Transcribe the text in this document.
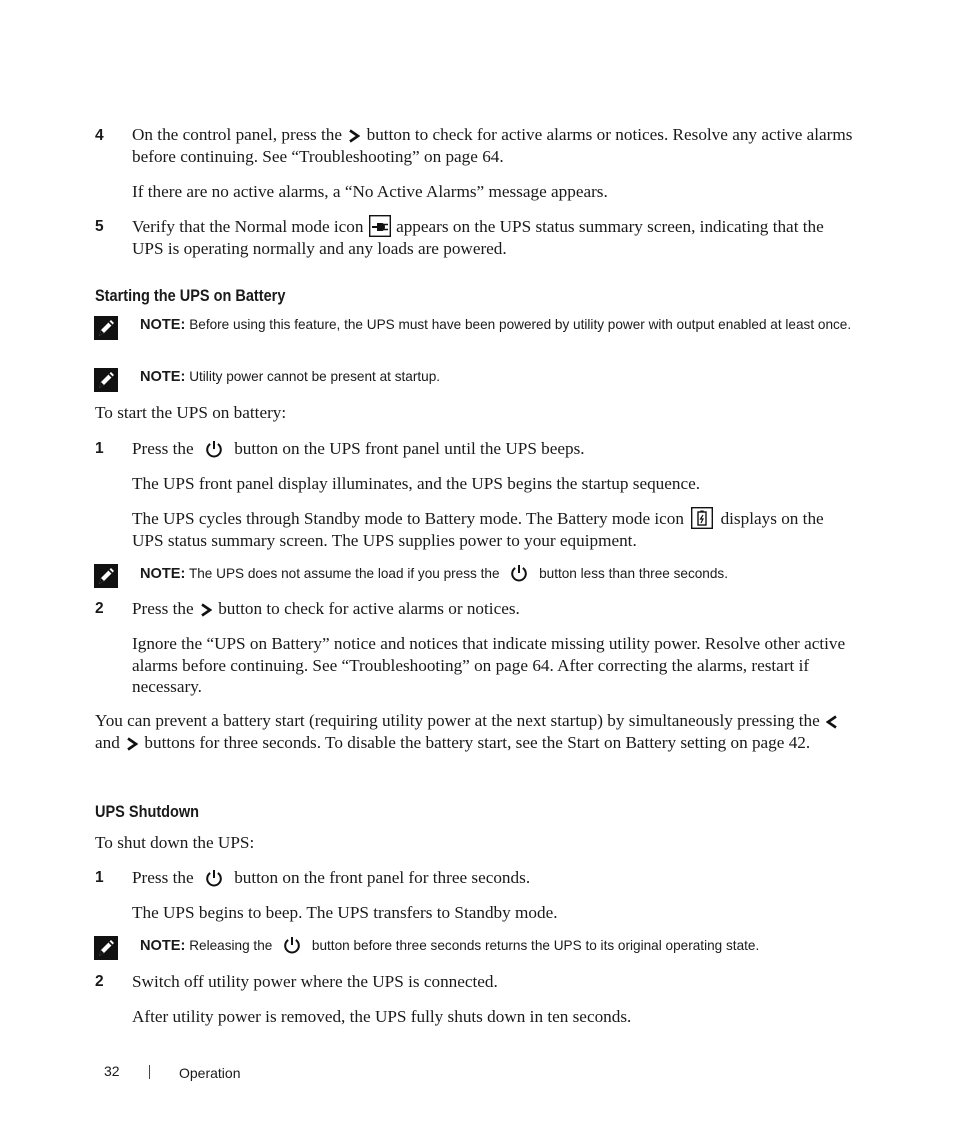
4 On the control panel, press the button to check for active alarms or notices. Resolve any active alarms before continuing. See “Troubleshooting” on page 64.
If there are no active alarms, a “No Active Alarms” message appears.
5 Verify that the Normal mode icon appears on the UPS status summary screen, indicating that the UPS is operating normally and any loads are powered.
Starting the UPS on Battery
NOTE: Before using this feature, the UPS must have been powered by utility power with output enabled at least once.
NOTE: Utility power cannot be present at startup.
To start the UPS on battery:
1 Press the button on the UPS front panel until the UPS beeps.
The UPS front panel display illuminates, and the UPS begins the startup sequence.
The UPS cycles through Standby mode to Battery mode. The Battery mode icon displays on the UPS status summary screen. The UPS supplies power to your equipment.
NOTE: The UPS does not assume the load if you press the	button less than three seconds.
2 Press the button to check for active alarms or notices.
Ignore the “UPS on Battery” notice and notices that indicate missing utility power. Resolve other active alarms before continuing. See “Troubleshooting” on page 64. After correcting the alarms, restart if necessary.
You can prevent a battery start (requiring utility power at the next startup) by simultaneously pressing the  and buttons for three seconds. To disable the battery start, see the Start on Battery setting on page 42.
UPS Shutdown
To shut down the UPS:
1 Press the button on the front panel for three seconds.
The UPS begins to beep. The UPS transfers to Standby mode.
NOTE: Releasing the	button before three seconds returns the UPS to its original operating state.
2 Switch off utility power where the UPS is connected.
After utility power is removed, the UPS fully shuts down in ten seconds.
32	Operation
